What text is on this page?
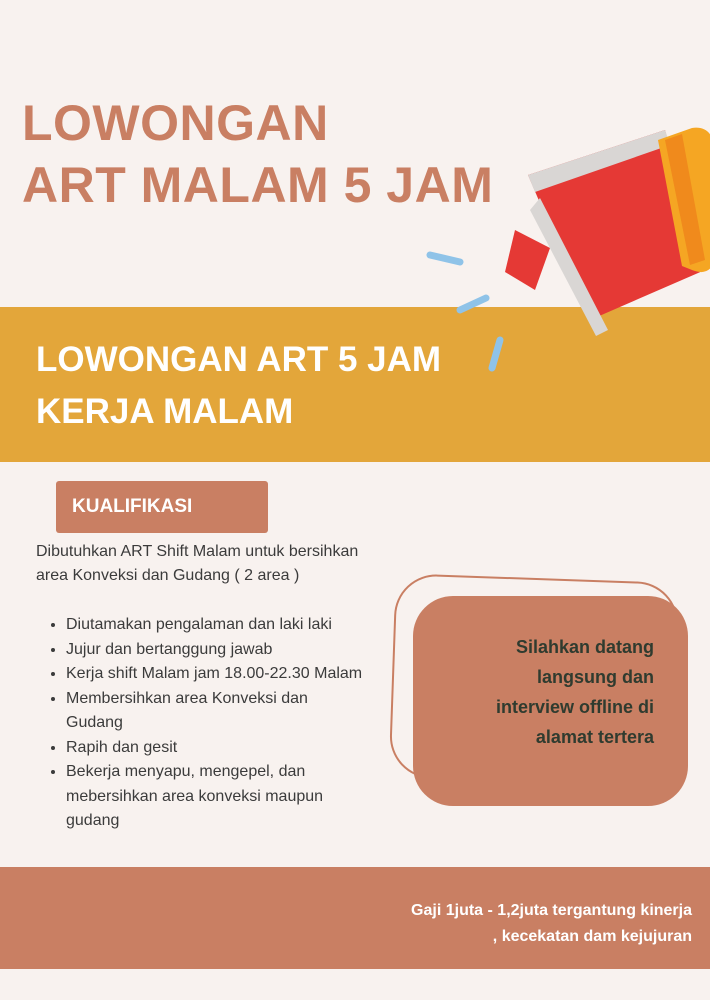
LOWONGAN
ART MALAM 5 JAM

LOWONGAN ART 5 JAM
KERJA MALAM

KUALIFIKASI

Dibutuhkan ART Shift Malam untuk bersihkan
area Konveksi dan Gudang ( 2 area )

• Diutamakan pengalaman dan laki laki
• Jujur dan bertanggung jawab
• Kerja shift Malam jam 18.00-22.30 Malam
• Membersihkan area Konveksi dan Gudang
• Rapih dan gesit
• Bekerja menyapu, mengepel, dan mebersihkan area konveksi maupun gudang

Silahkan datang
langsung dan
interview offline di
alamat tertera

Gaji 1juta - 1,2juta tergantung kinerja
, kecekatan dam kejujuran
